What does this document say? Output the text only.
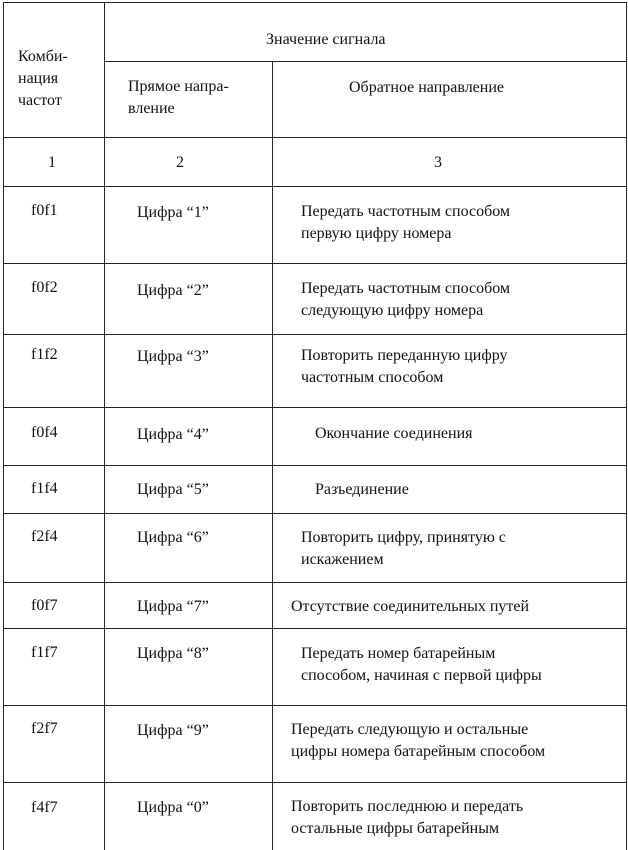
Комби-
нация
частот
Значение сигнала
Прямое напра-
вление
Обратное направление
1	2	3
f0f1	Цифра “1”	Передать частотным способом
первую цифру номера
f0f2	Цифра “2”	Передать частотным способом
следующую цифру номера
f1f2	Цифра “3”	Повторить переданную цифру
частотным способом
f0f4	Цифра “4”	Окончание соединения
f1f4	Цифра “5”	Разъединение
f2f4	Цифра “6”	Повторить цифру, принятую с
искажением
f0f7	Цифра “7”	Отсутствие соединительных путей
f1f7	Цифра “8”	Передать номер батарейным
способом, начиная с первой цифры
f2f7	Цифра “9”	Передать следующую и остальные
цифры номера батарейным способом
f4f7	Цифра “0”	Повторить последнюю и передать
остальные цифры батарейным
